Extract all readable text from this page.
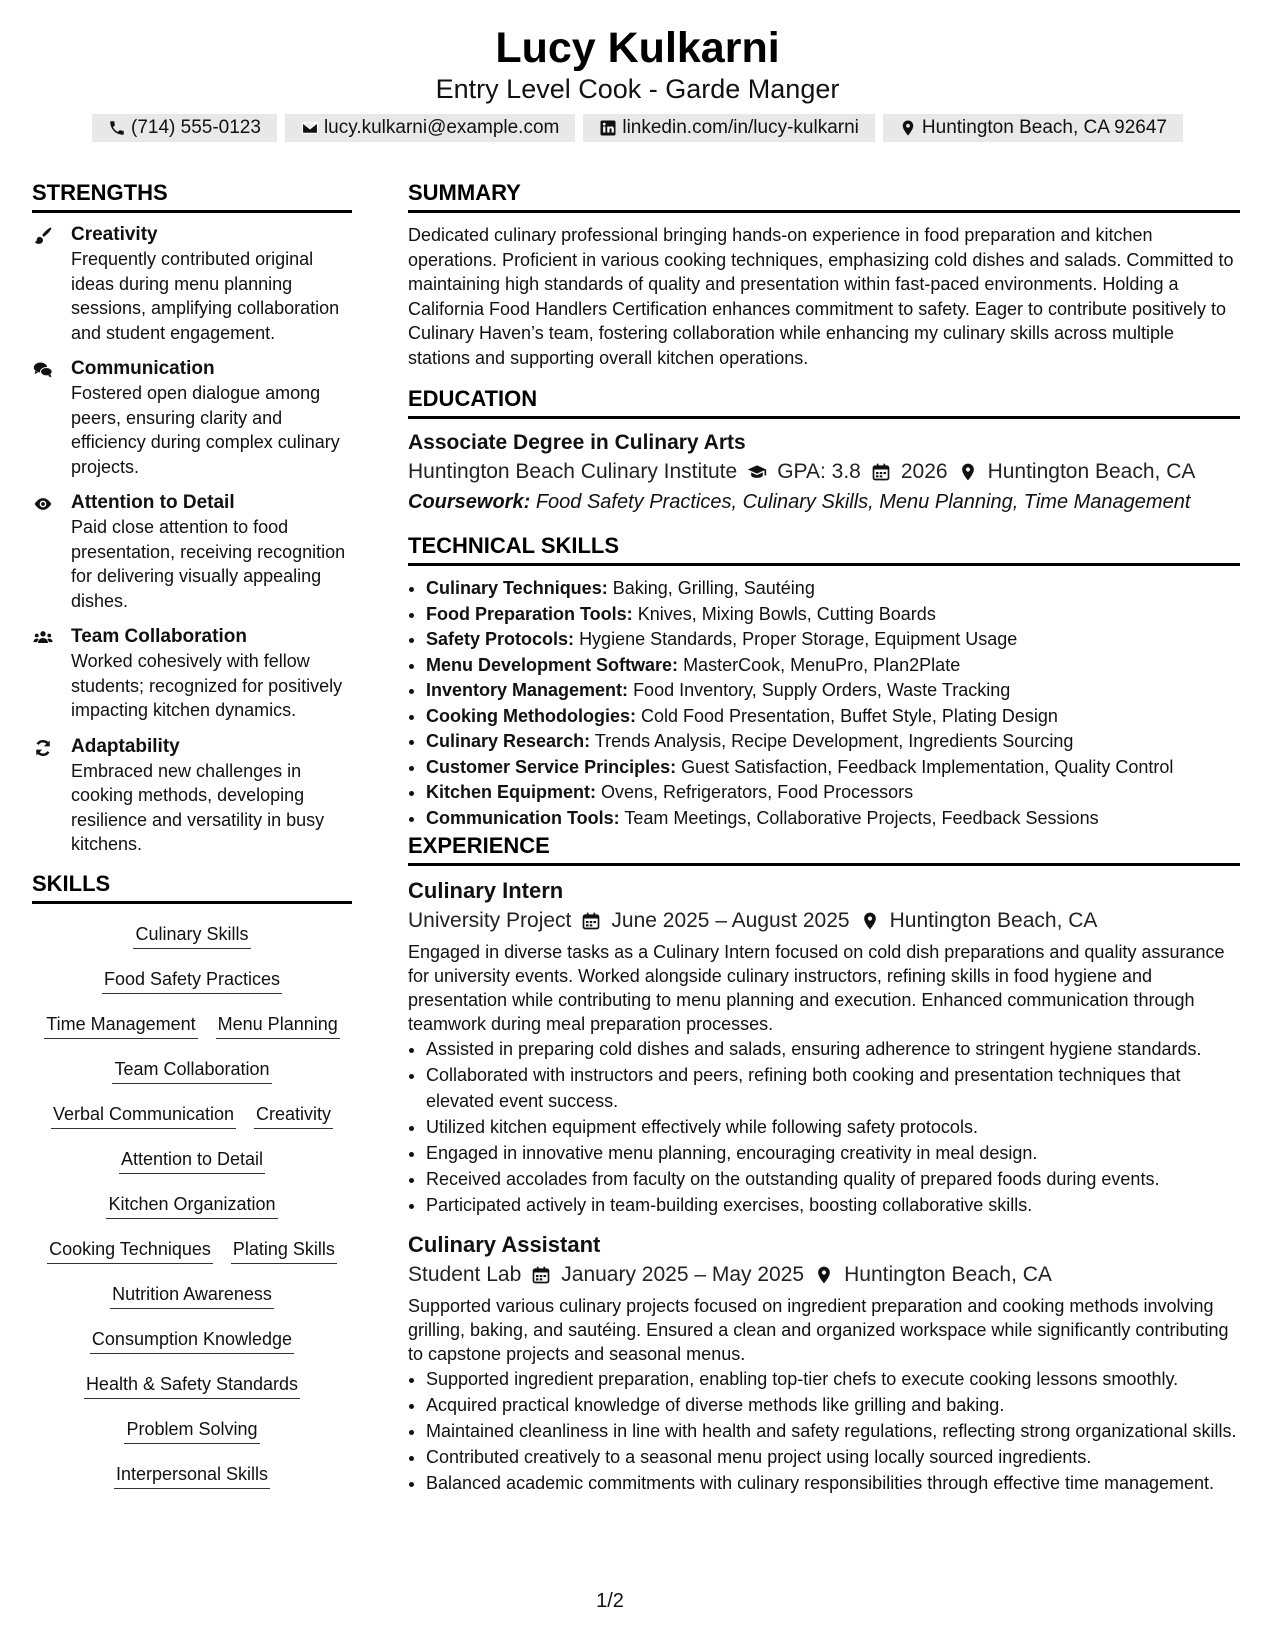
Lucy Kulkarni
Entry Level Cook - Garde Manger
(714) 555-0123	lucy.kulkarni@example.com	linkedin.com/in/lucy-kulkarni	Huntington Beach, CA 92647
STRENGTHS
Creativity
Frequently contributed original ideas during menu planning sessions, amplifying collaboration and student engagement.
Communication
Fostered open dialogue among peers, ensuring clarity and efficiency during complex culinary projects.
Attention to Detail
Paid close attention to food presentation, receiving recognition for delivering visually appealing dishes.
Team Collaboration
Worked cohesively with fellow students; recognized for positively impacting kitchen dynamics.
Adaptability
Embraced new challenges in cooking methods, developing resilience and versatility in busy kitchens.
SKILLS
Culinary Skills
Food Safety Practices
Time Management Menu Planning
Team Collaboration
Verbal Communication Creativity
Attention to Detail
Kitchen Organization
Cooking Techniques Plating Skills
Nutrition Awareness
Consumption Knowledge
Health & Safety Standards
Problem Solving
Interpersonal Skills
SUMMARY
Dedicated culinary professional bringing hands-on experience in food preparation and kitchen operations. Proficient in various cooking techniques, emphasizing cold dishes and salads. Committed to maintaining high standards of quality and presentation within fast-paced environments. Holding a California Food Handlers Certification enhances commitment to safety. Eager to contribute positively to Culinary Haven’s team, fostering collaboration while enhancing my culinary skills across multiple stations and supporting overall kitchen operations.
EDUCATION
Associate Degree in Culinary Arts
Huntington Beach Culinary Institute GPA: 3.8 2026 Huntington Beach, CA
Coursework: Food Safety Practices, Culinary Skills, Menu Planning, Time Management
TECHNICAL SKILLS
• Culinary Techniques: Baking, Grilling, Sautéing
• Food Preparation Tools: Knives, Mixing Bowls, Cutting Boards
• Safety Protocols: Hygiene Standards, Proper Storage, Equipment Usage
• Menu Development Software: MasterCook, MenuPro, Plan2Plate
• Inventory Management: Food Inventory, Supply Orders, Waste Tracking
• Cooking Methodologies: Cold Food Presentation, Buffet Style, Plating Design
• Culinary Research: Trends Analysis, Recipe Development, Ingredients Sourcing
• Customer Service Principles: Guest Satisfaction, Feedback Implementation, Quality Control
• Kitchen Equipment: Ovens, Refrigerators, Food Processors
• Communication Tools: Team Meetings, Collaborative Projects, Feedback Sessions
EXPERIENCE
Culinary Intern
University Project June 2025 – August 2025 Huntington Beach, CA
Engaged in diverse tasks as a Culinary Intern focused on cold dish preparations and quality assurance for university events. Worked alongside culinary instructors, refining skills in food hygiene and presentation while contributing to menu planning and execution. Enhanced communication through teamwork during meal preparation processes.
• Assisted in preparing cold dishes and salads, ensuring adherence to stringent hygiene standards.
• Collaborated with instructors and peers, refining both cooking and presentation techniques that elevated event success.
• Utilized kitchen equipment effectively while following safety protocols.
• Engaged in innovative menu planning, encouraging creativity in meal design.
• Received accolades from faculty on the outstanding quality of prepared foods during events.
• Participated actively in team-building exercises, boosting collaborative skills.
Culinary Assistant
Student Lab January 2025 – May 2025 Huntington Beach, CA
Supported various culinary projects focused on ingredient preparation and cooking methods involving grilling, baking, and sautéing. Ensured a clean and organized workspace while significantly contributing to capstone projects and seasonal menus.
• Supported ingredient preparation, enabling top-tier chefs to execute cooking lessons smoothly.
• Acquired practical knowledge of diverse methods like grilling and baking.
• Maintained cleanliness in line with health and safety regulations, reflecting strong organizational skills.
• Contributed creatively to a seasonal menu project using locally sourced ingredients.
• Balanced academic commitments with culinary responsibilities through effective time management.
1/2
